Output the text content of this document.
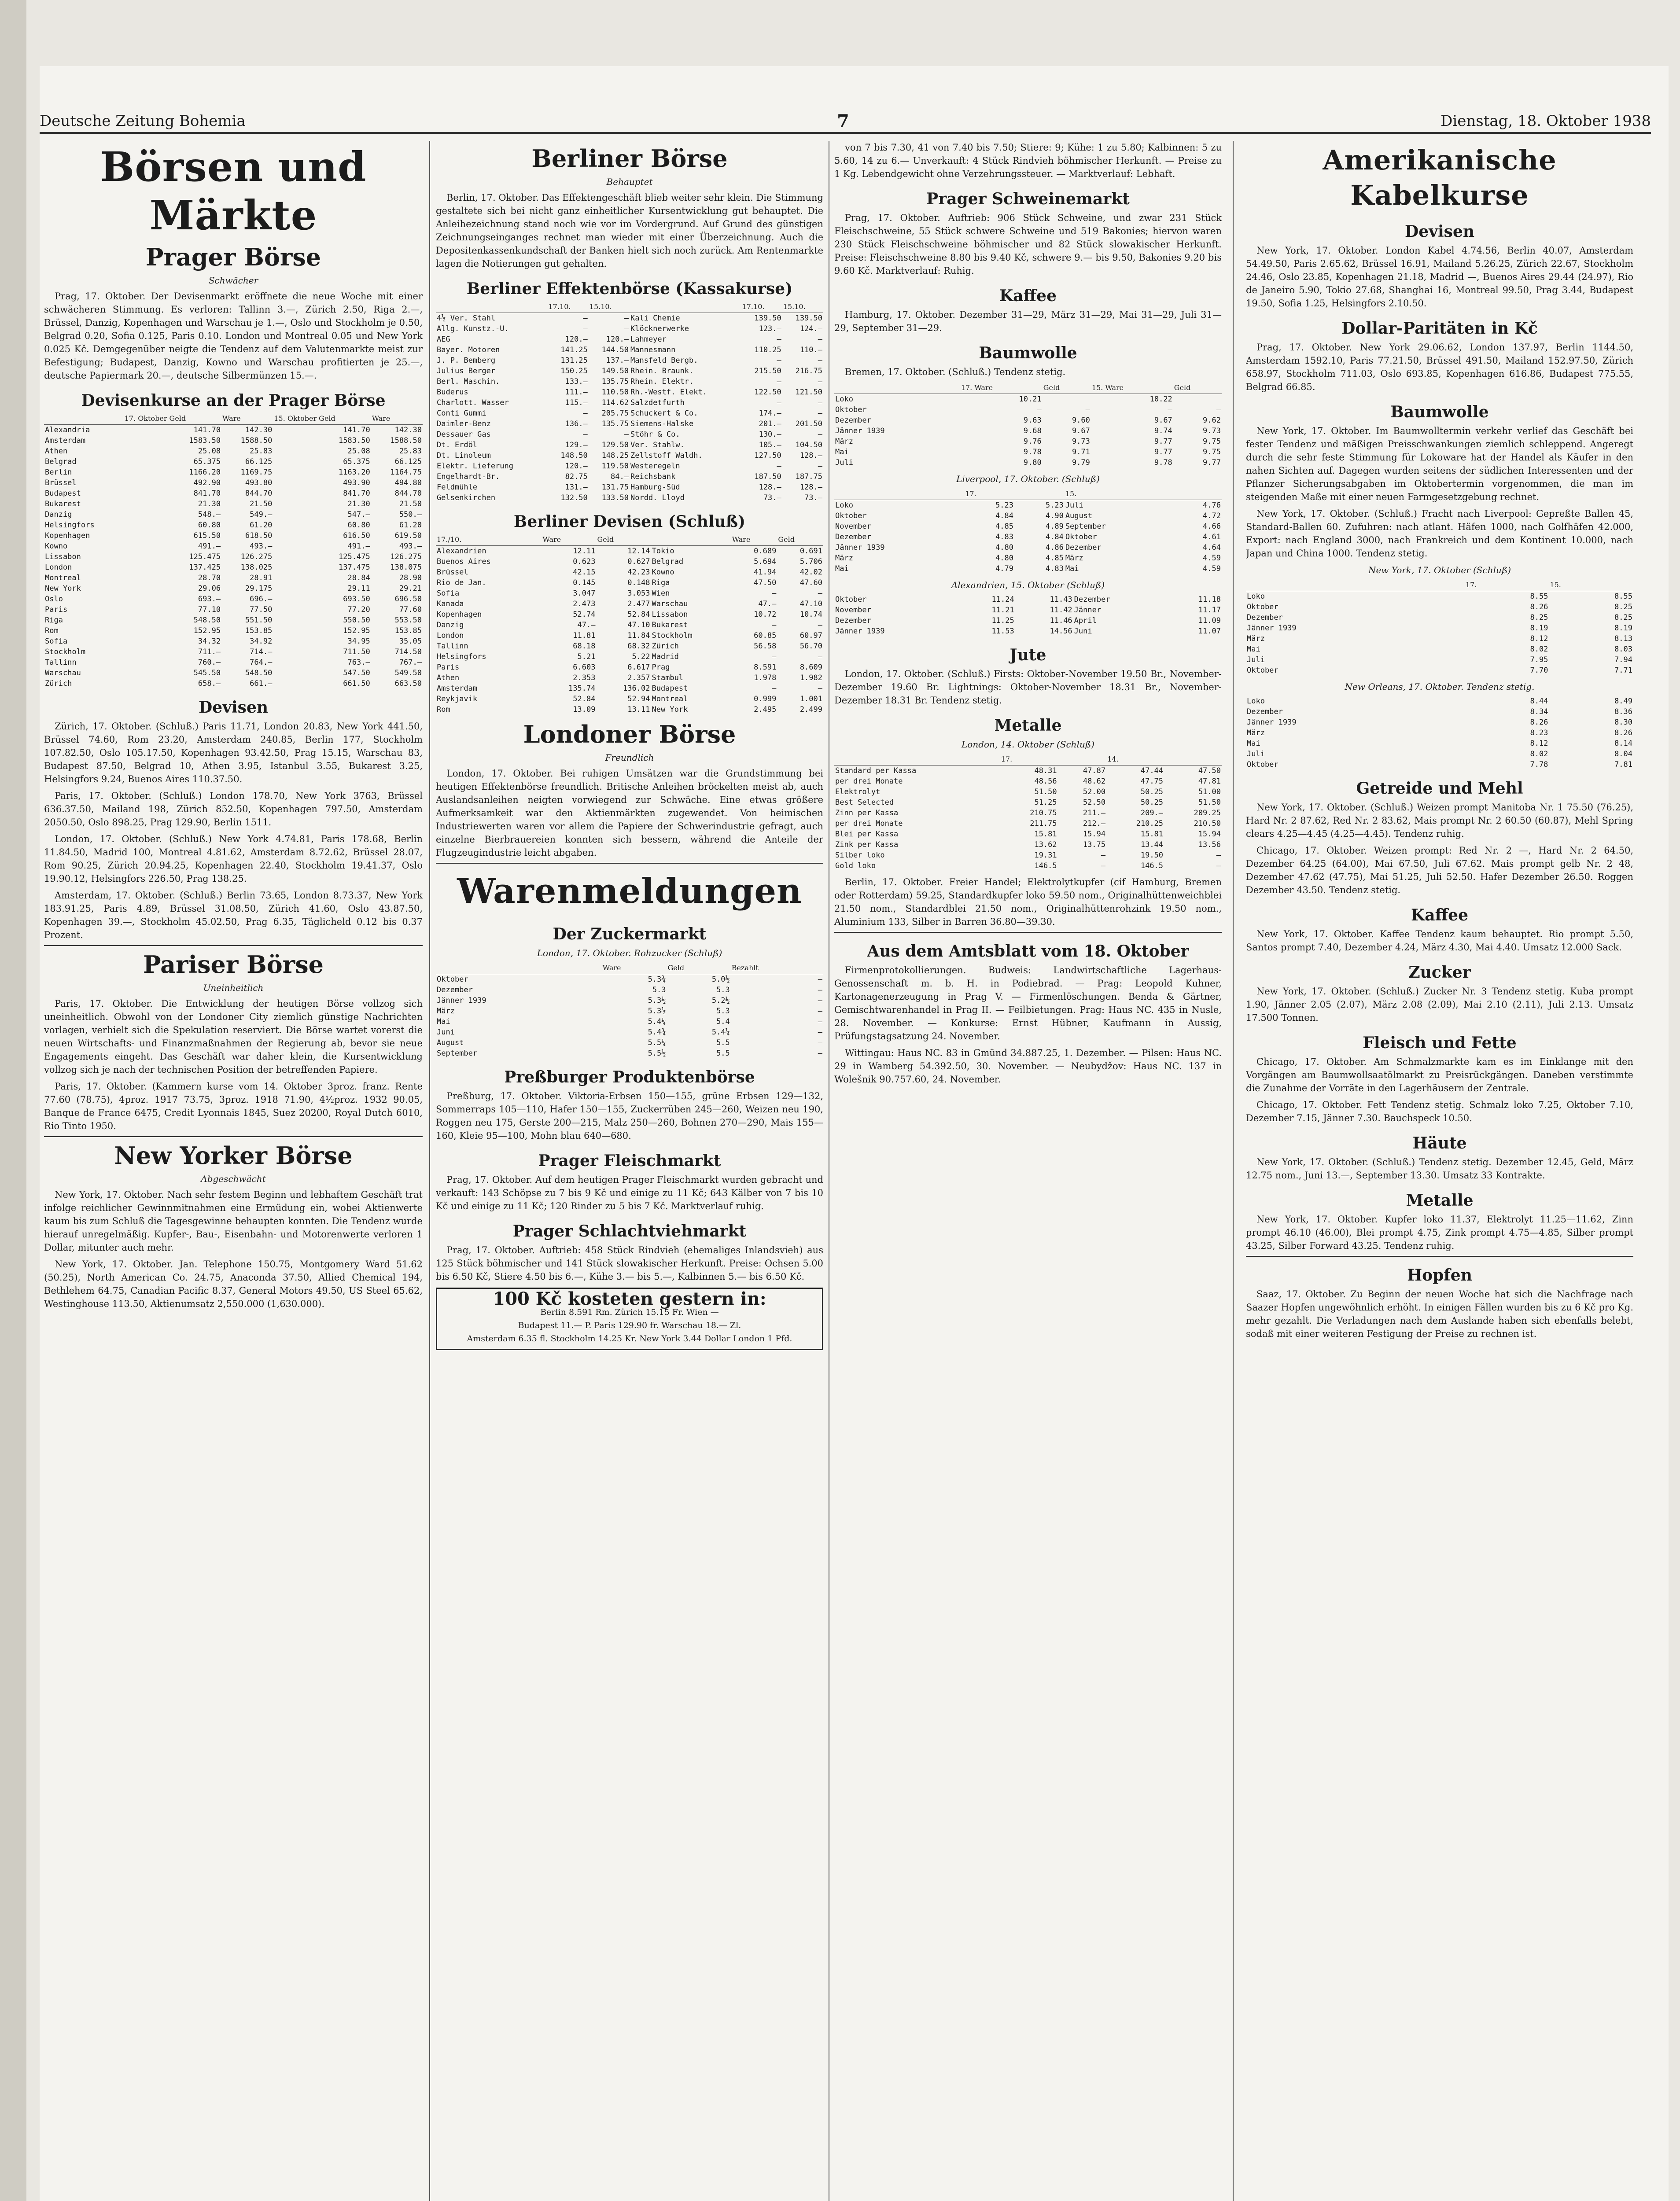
Deutsche Zeitung Bohemia	7	Dienstag, 18. Oktober 1938
Börsen und Märkte
Prager Börse
Schwächer

Prag, 17. Oktober. Der Devisenmarkt eröffnete die neue Woche mit einer schwächeren Stimmung. Es verloren: Tallinn 3.—, Zürich 2.50, Riga 2.—, Brüssel, Danzig, Kopenhagen und Warschau je 1.—, Oslo und Stockholm je 0.50, Belgrad 0.20, Sofia 0.125, Paris 0.10. London und Montreal 0.05 und New York 0.025 Kč. Demgegenüber neigte die Tendenz auf dem Valutenmarkte meist zur Befestigung; Budapest, Danzig, Kowno und Warschau profitierten je 25.—, deutsche Papiermark 20.—, deutsche Silbermünzen 15.—.

Devisenkurse an der Prager Börse
	17. Oktober Geld	Ware	15. Oktober Geld	Ware
Alexandria	141.70	142.30	141.70	142.30
Amsterdam	1583.50	1588.50	1583.50	1588.50
Athen	25.08	25.83	25.08	25.83
Belgrad	65.375	66.125	65.375	66.125
Berlin	1166.20	1169.75	1163.20	1164.75
Brüssel	492.90	493.80	493.90	494.80
Budapest	841.70	844.70	841.70	844.70
Bukarest	21.30	21.50	21.30	21.50
Danzig	548.—	549.—	547.—	550.—
Helsingfors	60.80	61.20	60.80	61.20
Kopenhagen	615.50	618.50	616.50	619.50
Kowno	491.—	493.—	491.—	493.—
Lissabon	125.475	126.275	125.475	126.275
London	137.425	138.025	137.475	138.075
Montreal	28.70	28.91	28.84	28.90
New York	29.06	29.175	29.11	29.21
Oslo	693.—	696.—	693.50	696.50
Paris	77.10	77.50	77.20	77.60
Riga	548.50	551.50	550.50	553.50
Rom	152.95	153.85	152.95	153.85
Sofia	34.32	34.92	34.95	35.05
Stockholm	711.—	714.—	711.50	714.50
Tallinn	760.—	764.—	763.—	767.—
Warschau	545.50	548.50	547.50	549.50
Zürich	658.—	661.—	661.50	663.50
Devisen

Zürich, 17. Oktober. (Schluß.) Paris 11.71, London 20.83, New York 441.50, Brüssel 74.60, Rom 23.20, Amsterdam 240.85, Berlin 177, Stockholm 107.82.50, Oslo 105.17.50, Kopenhagen 93.42.50, Prag 15.15, Warschau 83, Budapest 87.50, Belgrad 10, Athen 3.95, Istanbul 3.55, Bukarest 3.25, Helsingfors 9.24, Buenos Aires 110.37.50.

Paris, 17. Oktober. (Schluß.) London 178.70, New York 3763, Brüssel 636.37.50, Mailand 198, Zürich 852.50, Kopenhagen 797.50, Amsterdam 2050.50, Oslo 898.25, Prag 129.90, Berlin 1511.

London, 17. Oktober. (Schluß.) New York 4.74.81, Paris 178.68, Berlin 11.84.50, Madrid 100, Montreal 4.81.62, Amsterdam 8.72.62, Brüssel 28.07, Rom 90.25, Zürich 20.94.25, Kopenhagen 22.40, Stockholm 19.41.37, Oslo 19.90.12, Helsingfors 226.50, Prag 138.25.

Amsterdam, 17. Oktober. (Schluß.) Berlin 73.65, London 8.73.37, New York 183.91.25, Paris 4.89, Brüssel 31.08.50, Zürich 41.60, Oslo 43.87.50, Kopenhagen 39.—, Stockholm 45.02.50, Prag 6.35, Täglicheld 0.12 bis 0.37 Prozent.

Pariser Börse
Uneinheitlich

Paris, 17. Oktober. Die Entwicklung der heutigen Börse vollzog sich uneinheitlich. Obwohl von der Londoner City ziemlich günstige Nachrichten vorlagen, verhielt sich die Spekulation reserviert. Die Börse wartet vorerst die neuen Wirtschafts- und Finanzmaßnahmen der Regierung ab, bevor sie neue Engagements eingeht. Das Geschäft war daher klein, die Kursentwicklung vollzog sich je nach der technischen Position der betreffenden Papiere.

Paris, 17. Oktober. (Kammern kurse vom 14. Oktober 3proz. franz. Rente 77.60 (78.75), 4proz. 1917 73.75, 3proz. 1918 71.90, 4½proz. 1932 90.05, Banque de France 6475, Credit Lyonnais 1845, Suez 20200, Royal Dutch 6010, Rio Tinto 1950.

New Yorker Börse
Abgeschwächt

New York, 17. Oktober. Nach sehr festem Beginn und lebhaftem Geschäft trat infolge reichlicher Gewinnmitnahmen eine Ermüdung ein, wobei Aktienwerte kaum bis zum Schluß die Tagesgewinne behaupten konnten. Die Tendenz wurde hierauf unregelmäßig. Kupfer-, Bau-, Eisenbahn- und Motorenwerte verloren 1 Dollar, mitunter auch mehr.

New York, 17. Oktober. Jan. Telephone 150.75, Montgomery Ward 51.62 (50.25), North American Co. 24.75, Anaconda 37.50, Allied Chemical 194, Bethlehem 64.75, Canadian Pacific 8.37, General Motors 49.50, US Steel 65.62, Westinghouse 113.50, Aktienumsatz 2,550.000 (1,630.000).

Berliner Börse
Behauptet

Berlin, 17. Oktober. Das Effektengeschäft blieb weiter sehr klein. Die Stimmung gestaltete sich bei nicht ganz einheitlicher Kursentwicklung gut behauptet. Die Anleihezeichnung stand noch wie vor im Vordergrund. Auf Grund des günstigen Zeichnungseinganges rechnet man wieder mit einer Überzeichnung. Auch die Depositenkassenkundschaft der Banken hielt sich noch zurück. Am Rentenmarkte lagen die Notierungen gut gehalten.

Berliner Effektenbörse (Kassakurse)
	17.10.	15.10.		17.10.	15.10.
4½ Ver. Stahl	—	—	Kali Chemie	139.50	139.50
Allg. Kunstz.-U.	—	—	Klöcknerwerke	123.—	124.—
AEG	120.—	120.—	Lahmeyer	—	—
Bayer. Motoren	141.25	144.50	Mannesmann	110.25	110.—
J. P. Bemberg	131.25	137.—	Mansfeld Bergb.	—	—
Julius Berger	150.25	149.50	Rhein. Braunk.	215.50	216.75
Berl. Maschin.	133.—	135.75	Rhein. Elektr.	—	—
Buderus	111.—	110.50	Rh.-Westf. Elekt.	122.50	121.50
Charlott. Wasser	115.—	114.62	Salzdetfurth	—	—
Conti Gummi	—	205.75	Schuckert & Co.	174.—	—
Daimler-Benz	136.—	135.75	Siemens-Halske	201.—	201.50
Dessauer Gas	—	—	Stöhr & Co.	130.—	—
Dt. Erdöl	129.—	129.50	Ver. Stahlw.	105.—	104.50
Dt. Linoleum	148.50	148.25	Zellstoff Waldh.	127.50	128.—
Elektr. Lieferung	120.—	119.50	Westeregeln	—	—
Engelhardt-Br.	82.75	84.—	Reichsbank	187.50	187.75
Feldmühle	131.—	131.75	Hamburg-Süd	128.—	128.—
Gelsenkirchen	132.50	133.50	Nordd. Lloyd	73.—	73.—
Berliner Devisen (Schluß)
17./10.	Ware	Geld		Ware	Geld
Alexandrien	12.11	12.14	Tokio	0.689	0.691
Buenos Aires	0.623	0.627	Belgrad	5.694	5.706
Brüssel	42.15	42.23	Kowno	41.94	42.02
Rio de Jan.	0.145	0.148	Riga	47.50	47.60
Sofia	3.047	3.053	Wien	—	—
Kanada	2.473	2.477	Warschau	47.—	47.10
Kopenhagen	52.74	52.84	Lissabon	10.72	10.74
Danzig	47.—	47.10	Bukarest	—	—
London	11.81	11.84	Stockholm	60.85	60.97
Tallinn	68.18	68.32	Zürich	56.58	56.70
Helsingfors	5.21	5.22	Madrid	—	—
Paris	6.603	6.617	Prag	8.591	8.609
Athen	2.353	2.357	Stambul	1.978	1.982
Amsterdam	135.74	136.02	Budapest	—	—
Reykjavik	52.84	52.94	Montreal	0.999	1.001
Rom	13.09	13.11	New York	2.495	2.499
Londoner Börse
Freundlich

London, 17. Oktober. Bei ruhigen Umsätzen war die Grundstimmung bei heutigen Effektenbörse freundlich. Britische Anleihen bröckelten meist ab, auch Auslandsanleihen neigten vorwiegend zur Schwäche. Eine etwas größere Aufmerksamkeit war den Aktienmärkten zugewendet. Von heimischen Industriewerten waren vor allem die Papiere der Schwerindustrie gefragt, auch einzelne Bierbrauereien konnten sich bessern, während die Anteile der Flugzeugindustrie leicht abgaben.

Warenmeldungen
Der Zuckermarkt
London, 17. Oktober. Rohzucker (Schluß)
	Ware	Geld	Bezahlt
Oktober	5.3¾	5.0½	—
Dezember	5.3	5.3	—
Jänner 1939	5.3½	5.2½	—
März	5.3½	5.3	—
Mai	5.4¼	5.4	—
Juni	5.4¾	5.4¼	—
August	5.5¼	5.5	—
September	5.5½	5.5	—
Preßburger Produktenbörse

Preßburg, 17. Oktober. Viktoria-Erbsen 150—155, grüne Erbsen 129—132, Sommerraps 105—110, Hafer 150—155, Zuckerrüben 245—260, Weizen neu 190, Roggen neu 175, Gerste 200—215, Malz 250—260, Bohnen 270—290, Mais 155—160, Kleie 95—100, Mohn blau 640—680.

Prager Fleischmarkt

Prag, 17. Oktober. Auf dem heutigen Prager Fleischmarkt wurden gebracht und verkauft: 143 Schöpse zu 7 bis 9 Kč und einige zu 11 Kč; 643 Kälber von 7 bis 10 Kč und einige zu 11 Kč; 120 Rinder zu 5 bis 7 Kč. Marktverlauf ruhig.

Prager Schlachtviehmarkt

Prag, 17. Oktober. Auftrieb: 458 Stück Rindvieh (ehemaliges Inlandsvieh) aus 125 Stück böhmischer und 141 Stück slowakischer Herkunft. Preise: Ochsen 5.00 bis 6.50 Kč, Stiere 4.50 bis 6.—, Kühe 3.— bis 5.—, Kalbinnen 5.— bis 6.50 Kč.

100 Kč kosteten gestern in:
Berlin 8.591 Rm. Zürich 15.15 Fr. Wien —
Budapest 11.— P. Paris 129.90 fr. Warschau 18.— Zl.
Amsterdam 6.35 fl. Stockholm 14.25 Kr. New York 3.44 Dollar London 1 Pfd.

von 7 bis 7.30, 41 von 7.40 bis 7.50; Stiere: 9; Kühe: 1 zu 5.80; Kalbinnen: 5 zu 5.60, 14 zu 6.— Unverkauft: 4 Stück Rindvieh böhmischer Herkunft. — Preise zu 1 Kg. Lebendgewicht ohne Verzehrungssteuer. — Marktverlauf: Lebhaft.

Prager Schweinemarkt

Prag, 17. Oktober. Auftrieb: 906 Stück Schweine, und zwar 231 Stück Fleischschweine, 55 Stück schwere Schweine und 519 Bakonies; hiervon waren 230 Stück Fleischschweine böhmischer und 82 Stück slowakischer Herkunft. Preise: Fleischschweine 8.80 bis 9.40 Kč, schwere 9.— bis 9.50, Bakonies 9.20 bis 9.60 Kč. Marktverlauf: Ruhig.

Kaffee

Hamburg, 17. Oktober. Dezember 31—29, März 31—29, Mai 31—29, Juli 31—29, September 31—29.

Baumwolle

Bremen, 17. Oktober. (Schluß.) Tendenz stetig.

	17. Ware	Geld	15. Ware	Geld
Loko	10.21		10.22	
Oktober	—	—	—	—
Dezember	9.63	9.60	9.67	9.62
Jänner 1939	9.68	9.67	9.74	9.73
März	9.76	9.73	9.77	9.75
Mai	9.78	9.71	9.77	9.75
Juli	9.80	9.79	9.78	9.77
Liverpool, 17. Oktober. (Schluß)
	17.		15.	
Loko	5.23	5.23	Juli	4.76
Oktober	4.84	4.90	August	4.72
November	4.85	4.89	September	4.66
Dezember	4.83	4.84	Oktober	4.61
Jänner 1939	4.80	4.86	Dezember	4.64
März	4.80	4.85	März	4.59
Mai	4.79	4.83	Mai	4.59
Alexandrien, 15. Oktober (Schluß)
Oktober	11.24	11.43	Dezember	11.18
November	11.21	11.42	Jänner	11.17
Dezember	11.25	11.46	April	11.09
Jänner 1939	11.53	14.56	Juni	11.07
Jute

London, 17. Oktober. (Schluß.) Firsts: Oktober-November 19.50 Br., November-Dezember 19.60 Br. Lightnings: Oktober-November 18.31 Br., November-Dezember 18.31 Br. Tendenz stetig.

Metalle
London, 14. Oktober (Schluß)
	17.		14.	
Standard per Kassa	48.31	47.87	47.44	47.50
per drei Monate	48.56	48.62	47.75	47.81
Elektrolyt	51.50	52.00	50.25	51.00
Best Selected	51.25	52.50	50.25	51.50
Zinn per Kassa	210.75	211.—	209.—	209.25
per drei Monate	211.75	212.—	210.25	210.50
Blei per Kassa	15.81	15.94	15.81	15.94
Zink per Kassa	13.62	13.75	13.44	13.56
Silber loko	19.31	—	19.50	—
Gold loko	146.5	—	146.5	—

Berlin, 17. Oktober. Freier Handel; Elektrolytkupfer (cif Hamburg, Bremen oder Rotterdam) 59.25, Standardkupfer loko 59.50 nom., Originalhüttenweichblei 21.50 nom., Standardblei 21.50 nom., Originalhüttenrohzink 19.50 nom., Aluminium 133, Silber in Barren 36.80—39.30.

Aus dem Amtsblatt vom 18. Oktober

Firmenprotokollierungen. Budweis: Landwirtschaftliche Lagerhaus-Genossenschaft m. b. H. in Podiebrad. — Prag: Leopold Kuhner, Kartonagenerzeugung in Prag V. — Firmenlöschungen. Benda & Gärtner, Gemischtwarenhandel in Prag II. — Feilbietungen. Prag: Haus NC. 435 in Nusle, 28. November. — Konkurse: Ernst Hübner, Kaufmann in Aussig, Prüfungstagsatzung 24. November.

Wittingau: Haus NC. 83 in Gmünd 34.887.25, 1. Dezember. — Pilsen: Haus NC. 29 in Wamberg 54.392.50, 30. November. — Neubydžov: Haus NC. 137 in Wolešnik 90.757.60, 24. November.

Amerikanische Kabelkurse
Devisen

New York, 17. Oktober. London Kabel 4.74.56, Berlin 40.07, Amsterdam 54.49.50, Paris 2.65.62, Brüssel 16.91, Mailand 5.26.25, Zürich 22.67, Stockholm 24.46, Oslo 23.85, Kopenhagen 21.18, Madrid —, Buenos Aires 29.44 (24.97), Rio de Janeiro 5.90, Tokio 27.68, Shanghai 16, Montreal 99.50, Prag 3.44, Budapest 19.50, Sofia 1.25, Helsingfors 2.10.50.

Dollar-Paritäten in Kč

Prag, 17. Oktober. New York 29.06.62, London 137.97, Berlin 1144.50, Amsterdam 1592.10, Paris 77.21.50, Brüssel 491.50, Mailand 152.97.50, Zürich 658.97, Stockholm 711.03, Oslo 693.85, Kopenhagen 616.86, Budapest 775.55, Belgrad 66.85.

Baumwolle

New York, 17. Oktober. Im Baumwolltermin verkehr verlief das Geschäft bei fester Tendenz und mäßigen Preisschwankungen ziemlich schleppend. Angeregt durch die sehr feste Stimmung für Lokoware hat der Handel als Käufer in den nahen Sichten auf. Dagegen wurden seitens der südlichen Interessenten und der Pflanzer Sicherungsabgaben im Oktobertermin vorgenommen, die man im steigenden Maße mit einer neuen Farmgesetzgebung rechnet.

New York, 17. Oktober. (Schluß.) Fracht nach Liverpool: Gepreßte Ballen 45, Standard-Ballen 60. Zufuhren: nach atlant. Häfen 1000, nach Golfhäfen 42.000, Export: nach England 3000, nach Frankreich und dem Kontinent 10.000, nach Japan und China 1000. Tendenz stetig.

New York, 17. Oktober (Schluß)
	17.	15.
Loko	8.55	8.55
Oktober	8.26	8.25
Dezember	8.25	8.25
Jänner 1939	8.19	8.19
März	8.12	8.13
Mai	8.02	8.03
Juli	7.95	7.94
Oktober	7.70	7.71
New Orleans, 17. Oktober. Tendenz stetig.
Loko	8.44	8.49
Dezember	8.34	8.36
Jänner 1939	8.26	8.30
März	8.23	8.26
Mai	8.12	8.14
Juli	8.02	8.04
Oktober	7.78	7.81
Getreide und Mehl

New York, 17. Oktober. (Schluß.) Weizen prompt Manitoba Nr. 1 75.50 (76.25), Hard Nr. 2 87.62, Red Nr. 2 83.62, Mais prompt Nr. 2 60.50 (60.87), Mehl Spring clears 4.25—4.45 (4.25—4.45). Tendenz ruhig.

Chicago, 17. Oktober. Weizen prompt: Red Nr. 2 —, Hard Nr. 2 64.50, Dezember 64.25 (64.00), Mai 67.50, Juli 67.62. Mais prompt gelb Nr. 2 48, Dezember 47.62 (47.75), Mai 51.25, Juli 52.50. Hafer Dezember 26.50. Roggen Dezember 43.50. Tendenz stetig.

Kaffee

New York, 17. Oktober. Kaffee Tendenz kaum behauptet. Rio prompt 5.50, Santos prompt 7.40, Dezember 4.24, März 4.30, Mai 4.40. Umsatz 12.000 Sack.

Zucker

New York, 17. Oktober. (Schluß.) Zucker Nr. 3 Tendenz stetig. Kuba prompt 1.90, Jänner 2.05 (2.07), März 2.08 (2.09), Mai 2.10 (2.11), Juli 2.13. Umsatz 17.500 Tonnen.

Fleisch und Fette

Chicago, 17. Oktober. Am Schmalzmarkte kam es im Einklange mit den Vorgängen am Baumwollsaatölmarkt zu Preisrückgängen. Daneben verstimmte die Zunahme der Vorräte in den Lagerhäusern der Zentrale.

Chicago, 17. Oktober. Fett Tendenz stetig. Schmalz loko 7.25, Oktober 7.10, Dezember 7.15, Jänner 7.30. Bauchspeck 10.50.

Häute

New York, 17. Oktober. (Schluß.) Tendenz stetig. Dezember 12.45, Geld, März 12.75 nom., Juni 13.—, September 13.30. Umsatz 33 Kontrakte.

Metalle

New York, 17. Oktober. Kupfer loko 11.37, Elektrolyt 11.25—11.62, Zinn prompt 46.10 (46.00), Blei prompt 4.75, Zink prompt 4.75—4.85, Silber prompt 43.25, Silber Forward 43.25. Tendenz ruhig.

Hopfen

Saaz, 17. Oktober. Zu Beginn der neuen Woche hat sich die Nachfrage nach Saazer Hopfen ungewöhnlich erhöht. In einigen Fällen wurden bis zu 6 Kč pro Kg. mehr gezahlt. Die Verladungen nach dem Auslande haben sich ebenfalls belebt, sodaß mit einer weiteren Festigung der Preise zu rechnen ist.
